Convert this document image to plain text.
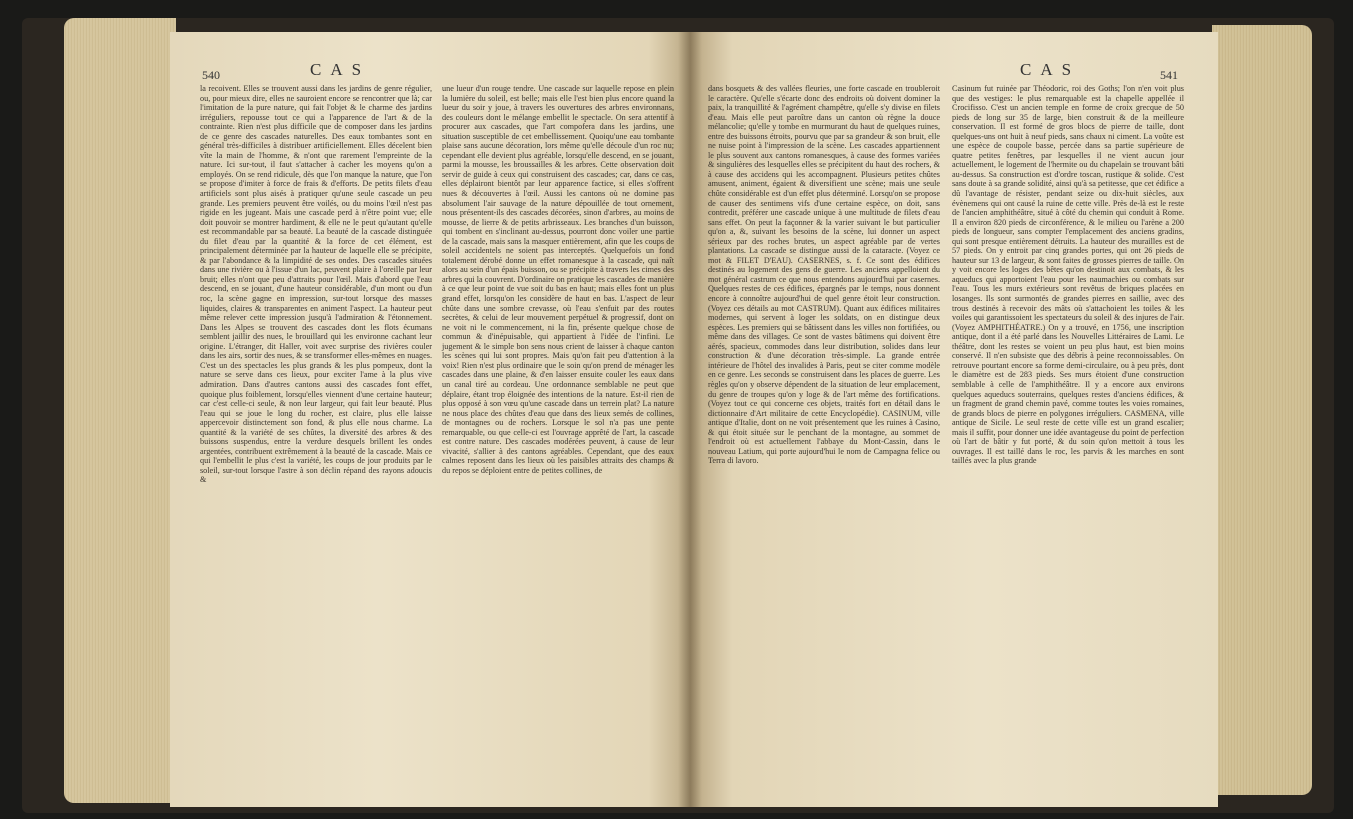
540	CAS
la recoivent. Elles se trouvent aussi dans les jardins de genre régulier, ou, pour mieux dire, elles ne sauroient encore se rencontrer que là; car l'imitation de la pure nature, qui fait l'objet & le charme des jardins irréguliers, repousse tout ce qui a l'apparence de l'art & de la contrainte. Rien n'est plus difficile que de composer dans les jardins de ce genre des cascades naturelles. Des eaux tombantes sont en général très-difficiles à distribuer artificiellement. Elles décelent bien vîte la main de l'homme, & n'ont que rarement l'empreinte de la nature. Ici sur-tout, il faut s'attacher à cacher les moyens qu'on a employés. On se rend ridicule, dès que l'on manque la nature, que l'on se propose d'imiter à force de frais & d'efforts. De petits filets d'eau artificiels sont plus aisés à pratiquer qu'une seule cascade un peu grande. Les premiers peuvent être voilés, ou du moins l'œil n'est pas rigide en les jugeant. Mais une cascade perd à n'être point vue; elle doit pouvoir se montrer hardiment, & elle ne le peut qu'autant qu'elle est recommandable par sa beauté. La beauté de la cascade distinguée du filet d'eau par la quantité & la force de cet élément, est principalement déterminée par la hauteur de laquelle elle se précipite, & par l'abondance & la limpidité de ses ondes. Des cascades situées dans une rivière ou à l'issue d'un lac, peuvent plaire à l'oreille par leur bruit; elles n'ont que peu d'attraits pour l'œil. Mais d'abord que l'eau descend, en se jouant, d'une hauteur considérable, d'un mont ou d'un roc, la scène gagne en impression, sur-tout lorsque des masses liquides, claires & transparentes en animent l'aspect. La hauteur peut même relever cette impression jusqu'à l'admiration & l'étonnement. Dans les Alpes se trouvent des cascades dont les flots écumans semblent jaillir des nues, le brouillard qui les environne cachant leur origine. L'étranger, dit Haller, voit avec surprise des rivières couler dans les airs, sortir des nues, & se transformer elles-mêmes en nuages. C'est un des spectacles les plus grands & les plus pompeux, dont la nature se serve dans ces lieux, pour exciter l'ame à la plus vive admiration. Dans d'autres cantons aussi des cascades font effet, quoique plus foiblement, lorsqu'elles viennent d'une certaine hauteur; car c'est celle-ci seule, & non leur largeur, qui fait leur beauté. Plus l'eau qui se joue le long du rocher, est claire, plus elle laisse appercevoir distinctement son fond, & plus elle nous charme. La quantité & la variété de ses chûtes, la diversité des arbres & des buissons suspendus, entre la verdure desquels brillent les ondes argentées, contribuent extrêmement à la beauté de la cascade. Mais ce qui l'embellit le plus c'est la variété, les coups de jour produits par le soleil, sur-tout lorsque l'astre à son déclin répand des rayons adoucis &
une lueur d'un rouge tendre. Une cascade sur laquelle repose en plein la lumière du soleil, est belle; mais elle l'est bien plus encore quand la lueur du soir y joue, à travers les ouvertures des arbres environnans, des couleurs dont le mélange embellit le spectacle. On sera attentif à procurer aux cascades, que l'art compofera dans les jardins, une situation susceptible de cet embellissement. Quoiqu'une eau tombante plaise sans aucune décoration, lors même qu'elle découle d'un roc nu; cependant elle devient plus agréable, lorsqu'elle descend, en se jouant, parmi la mousse, les broussailles & les arbres. Cette observation doit servir de guide à ceux qui construisent des cascades; car, dans ce cas, elles déplairont bientôt par leur apparence factice, si elles s'offrent nues & découvertes à l'œil. Aussi les cantons où ne domine pas absolument l'air sauvage de la nature dépouillée de tout ornement, nous présentent-ils des cascades décorées, sinon d'arbres, au moins de mousse, de lierre & de petits arbrisseaux. Les branches d'un buisson, qui tombent en s'inclinant au-dessus, pourront donc voiler une partie de la cascade, mais sans la masquer entièrement, afin que les coups de soleil accidentels ne soient pas interceptés. Quelquefois un fond totalement dérobé donne un effet romanesque à la cascade, qui naît alors au sein d'un épais buisson, ou se précipite à travers les cimes des arbres qui la couvrent. D'ordinaire on pratique les cascades de manière à ce que leur point de vue soit du bas en haut; mais elles font un plus grand effet, lorsqu'on les considère de haut en bas. L'aspect de leur chûte dans une sombre crevasse, où l'eau s'enfuit par des routes secrètes, & celui de leur mouvement perpétuel & progressif, dont on ne voit ni le commencement, ni la fin, présente quelque chose de commun & d'inépuisable, qui appartient à l'idée de l'infini. Le jugement & le simple bon sens nous crient de laisser à chaque canton les scènes qui lui sont propres. Mais qu'on fait peu d'attention à la voix! Rien n'est plus ordinaire que le soin qu'on prend de ménager les cascades dans une plaine, & d'en laisser ensuite couler les eaux dans un canal tiré au cordeau. Une ordonnance semblable ne peut que déplaire, étant trop éloignée des intentions de la nature. Est-il rien de plus opposé à son vœu qu'une cascade dans un terrein plat? La nature ne nous place des chûtes d'eau que dans des lieux semés de collines, de montagnes ou de rochers. Lorsque le sol n'a pas une pente remarquable, ou que celle-ci est l'ouvrage apprêté de l'art, la cascade est contre nature. Des cascades modérées peuvent, à cause de leur vivacité, s'allier à des cantons agréables. Cependant, que des eaux calmes reposent dans les lieux où les paisibles attraits des champs & du repos se déploient entre de petites collines, de
CAS	541
dans bosquets & des vallées fleuries, une forte cascade en troubleroit le caractère. Qu'elle s'écarte donc des endroits où doivent dominer la paix, la tranquillité & l'agrément champêtre, qu'elle s'y divise en filets d'eau. Mais elle peut paroître dans un canton où règne la douce mélancolie; qu'elle y tombe en murmurant du haut de quelques ruines, entre des buissons étroits, pourvu que par sa grandeur & son bruit, elle ne nuise point à l'impression de la scène. Les cascades appartiennent le plus souvent aux cantons romanesques, à cause des formes variées & singulières des lesquelles elles se précipitent du haut des rochers, & à cause des accidens qui les accompagnent. Plusieurs petites chûtes amusent, animent, égaient & diversifient une scène; mais une seule chûte considérable est d'un effet plus déterminé. Lorsqu'on se propose de causer des sentimens vifs d'une certaine espèce, on doit, sans contredit, préférer une cascade unique à une multitude de filets d'eau sans effet. On peut la façonner & la varier suivant le but particulier qu'on a, &, suivant les besoins de la scène, lui donner un aspect sérieux par des roches brutes, un aspect agréable par de vertes plantations. La cascade se distingue aussi de la cataracte. (Voyez ce mot & FILET D'EAU). CASERNES, s. f. Ce sont des édifices destinés au logement des gens de guerre. Les anciens appelloient du mot général castrum ce que nous entendons aujourd'hui par casernes. Quelques restes de ces édifices, épargnés par le temps, nous donnent encore à connoître aujourd'hui de quel genre étoit leur construction. (Voyez ces détails au mot CASTRUM). Quant aux édifices militaires modernes, qui servent à loger les soldats, on en distingue deux espèces. Les premiers qui se bâtissent dans les villes non fortifiées, ou même dans des villages. Ce sont de vastes bâtimens qui doivent être aérés, spacieux, commodes dans leur distribution, solides dans leur construction & d'une décoration très-simple. La grande entrée intérieure de l'hôtel des invalides à Paris, peut se citer comme modèle en ce genre. Les seconds se construisent dans les places de guerre. Les règles qu'on y observe dépendent de la situation de leur emplacement, du genre de troupes qu'on y loge & de l'art même des fortifications. (Voyez tout ce qui concerne ces objets, traités fort en détail dans le dictionnaire d'Art militaire de cette Encyclopédie). CASINUM, ville antique d'Italie, dont on ne voit présentement que les ruines à Casino, & qui étoit située sur le penchant de la montagne, au sommet de l'endroit où est actuellement l'abbaye du Mont-Cassin, dans le nouveau Latium, qui porte aujourd'hui le nom de Campagna felice ou Terra di lavoro.
Casinum fut ruinée par Théodoric, roi des Goths; l'on n'en voit plus que des vestiges: le plus remarquable est la chapelle appellée il Crocifisso. C'est un ancien temple en forme de croix grecque de 50 pieds de long sur 35 de large, bien construit & de la meilleure conservation. Il est formé de gros blocs de pierre de taille, dont quelques-uns ont huit à neuf pieds, sans chaux ni ciment. La voûte est une espèce de coupole basse, percée dans sa partie supérieure de quatre petites fenêtres, par lesquelles il ne vient aucun jour actuellement, le logement de l'hermite ou du chapelain se trouvant bâti au-dessus. Sa construction est d'ordre toscan, rustique & solide. C'est sans doute à sa grande solidité, ainsi qu'à sa petitesse, que cet édifice a dû l'avantage de résister, pendant seize ou dix-huit siècles, aux évènemens qui ont causé la ruine de cette ville. Près de-là est le reste de l'ancien amphithéâtre, situé à côté du chemin qui conduit à Rome. Il a environ 820 pieds de circonférence, & le milieu ou l'arène a 200 pieds de longueur, sans compter l'emplacement des anciens gradins, qui sont presque entièrement détruits. La hauteur des murailles est de 57 pieds. On y entroit par cinq grandes portes, qui ont 26 pieds de hauteur sur 13 de largeur, & sont faites de grosses pierres de taille. On y voit encore les loges des bêtes qu'on destinoit aux combats, & les aqueducs qui apportoient l'eau pour les naumachies ou combats sur l'eau. Tous les murs extérieurs sont revêtus de briques placées en losanges. Ils sont surmontés de grandes pierres en saillie, avec des trous destinés à recevoir des mâts où s'attachoient les toiles & les voiles qui garantissoient les spectateurs du soleil & des injures de l'air. (Voyez AMPHITHÉATRE.) On y a trouvé, en 1756, une inscription antique, dont il a été parlé dans les Nouvelles Littéraires de Lami. Le théâtre, dont les restes se voient un peu plus haut, est bien moins conservé. Il n'en subsiste que des débris à peine reconnoissables. On retrouve pourtant encore sa forme demi-circulaire, ou à peu près, dont le diamètre est de 283 pieds. Ses murs étoient d'une construction semblable à celle de l'amphithéâtre. Il y a encore aux environs quelques aqueducs souterrains, quelques restes d'anciens édifices, & un fragment de grand chemin pavé, comme toutes les voies romaines, de grands blocs de pierre en polygones irréguliers. CASMENA, ville antique de Sicile. Le seul reste de cette ville est un grand escalier; mais il suffit, pour donner une idée avantageuse du point de perfection où l'art de bâtir y fut porté, & du soin qu'on mettoit à tous les ouvrages. Il est taillé dans le roc, les parvis & les marches en sont taillés avec la plus grande
